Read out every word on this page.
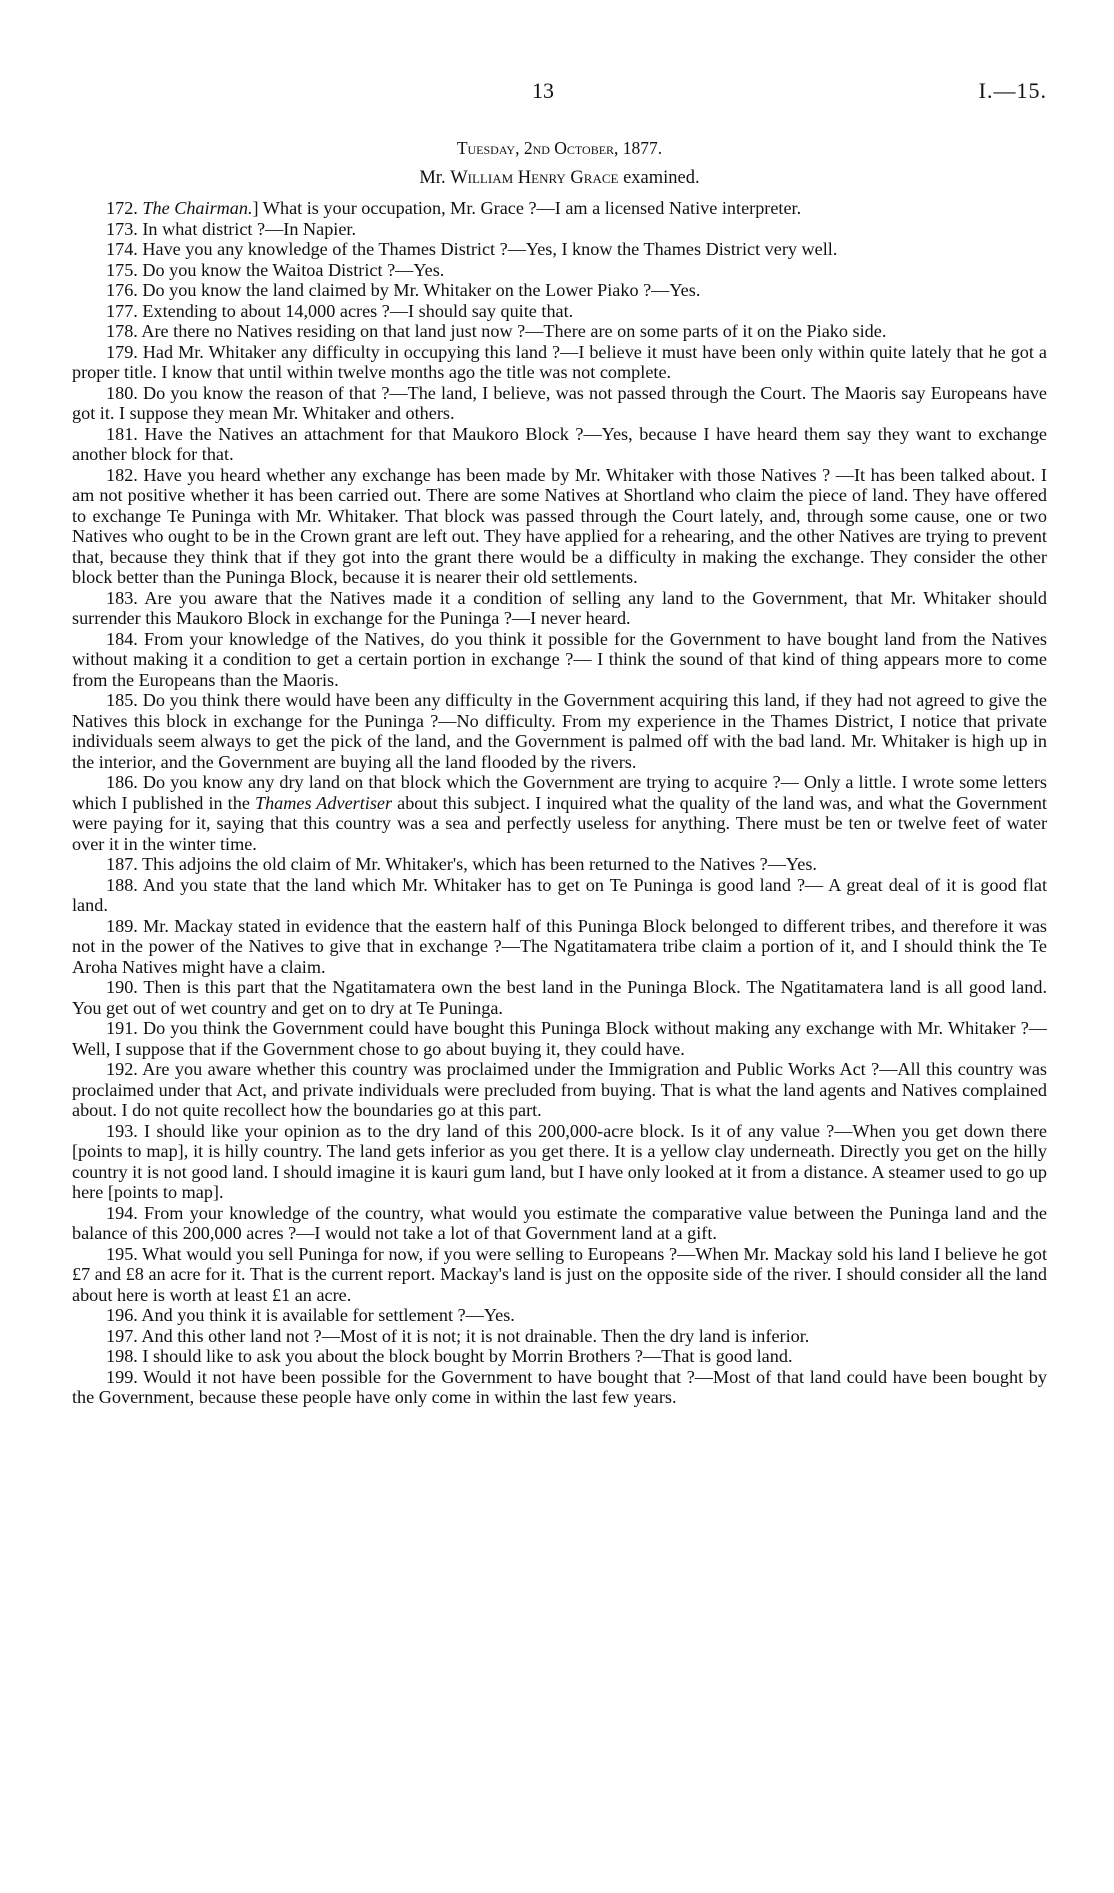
13	I.—15.
Tuesday, 2nd October, 1877.
Mr. William Henry Grace examined.

172. The Chairman.] What is your occupation, Mr. Grace ?—I am a licensed Native interpreter.

173. In what district ?—In Napier.

174. Have you any knowledge of the Thames District ?—Yes, I know the Thames District very well.

175. Do you know the Waitoa District ?—Yes.

176. Do you know the land claimed by Mr. Whitaker on the Lower Piako ?—Yes.

177. Extending to about 14,000 acres ?—I should say quite that.

178. Are there no Natives residing on that land just now ?—There are on some parts of it on the Piako side.

179. Had Mr. Whitaker any difficulty in occupying this land ?—I believe it must have been only within quite lately that he got a proper title. I know that until within twelve months ago the title was not complete.

180. Do you know the reason of that ?—The land, I believe, was not passed through the Court. The Maoris say Europeans have got it. I suppose they mean Mr. Whitaker and others.

181. Have the Natives an attachment for that Maukoro Block ?—Yes, because I have heard them say they want to exchange another block for that.

182. Have you heard whether any exchange has been made by Mr. Whitaker with those Natives ? —It has been talked about. I am not positive whether it has been carried out. There are some Natives at Shortland who claim the piece of land. They have offered to exchange Te Puninga with Mr. Whitaker. That block was passed through the Court lately, and, through some cause, one or two Natives who ought to be in the Crown grant are left out. They have applied for a rehearing, and the other Natives are trying to prevent that, because they think that if they got into the grant there would be a difficulty in making the exchange. They consider the other block better than the Puninga Block, because it is nearer their old settlements.

183. Are you aware that the Natives made it a condition of selling any land to the Government, that Mr. Whitaker should surrender this Maukoro Block in exchange for the Puninga ?—I never heard.

184. From your knowledge of the Natives, do you think it possible for the Government to have bought land from the Natives without making it a condition to get a certain portion in exchange ?— I think the sound of that kind of thing appears more to come from the Europeans than the Maoris.

185. Do you think there would have been any difficulty in the Government acquiring this land, if they had not agreed to give the Natives this block in exchange for the Puninga ?—No difficulty. From my experience in the Thames District, I notice that private individuals seem always to get the pick of the land, and the Government is palmed off with the bad land. Mr. Whitaker is high up in the interior, and the Government are buying all the land flooded by the rivers.

186. Do you know any dry land on that block which the Government are trying to acquire ?— Only a little. I wrote some letters which I published in the Thames Advertiser about this subject. I inquired what the quality of the land was, and what the Government were paying for it, saying that this country was a sea and perfectly useless for anything. There must be ten or twelve feet of water over it in the winter time.

187. This adjoins the old claim of Mr. Whitaker's, which has been returned to the Natives ?—Yes.

188. And you state that the land which Mr. Whitaker has to get on Te Puninga is good land ?— A great deal of it is good flat land.

189. Mr. Mackay stated in evidence that the eastern half of this Puninga Block belonged to different tribes, and therefore it was not in the power of the Natives to give that in exchange ?—The Ngatitamatera tribe claim a portion of it, and I should think the Te Aroha Natives might have a claim.

190. Then is this part that the Ngatitamatera own the best land in the Puninga Block. The Ngatitamatera land is all good land. You get out of wet country and get on to dry at Te Puninga.

191. Do you think the Government could have bought this Puninga Block without making any exchange with Mr. Whitaker ?—Well, I suppose that if the Government chose to go about buying it, they could have.

192. Are you aware whether this country was proclaimed under the Immigration and Public Works Act ?—All this country was proclaimed under that Act, and private individuals were precluded from buying. That is what the land agents and Natives complained about. I do not quite recollect how the boundaries go at this part.

193. I should like your opinion as to the dry land of this 200,000-acre block. Is it of any value ?—When you get down there [points to map], it is hilly country. The land gets inferior as you get there. It is a yellow clay underneath. Directly you get on the hilly country it is not good land. I should imagine it is kauri gum land, but I have only looked at it from a distance. A steamer used to go up here [points to map].

194. From your knowledge of the country, what would you estimate the comparative value between the Puninga land and the balance of this 200,000 acres ?—I would not take a lot of that Government land at a gift.

195. What would you sell Puninga for now, if you were selling to Europeans ?—When Mr. Mackay sold his land I believe he got £7 and £8 an acre for it. That is the current report. Mackay's land is just on the opposite side of the river. I should consider all the land about here is worth at least £1 an acre.

196. And you think it is available for settlement ?—Yes.

197. And this other land not ?—Most of it is not; it is not drainable. Then the dry land is inferior.

198. I should like to ask you about the block bought by Morrin Brothers ?—That is good land.

199. Would it not have been possible for the Government to have bought that ?—Most of that land could have been bought by the Government, because these people have only come in within the last few years.
